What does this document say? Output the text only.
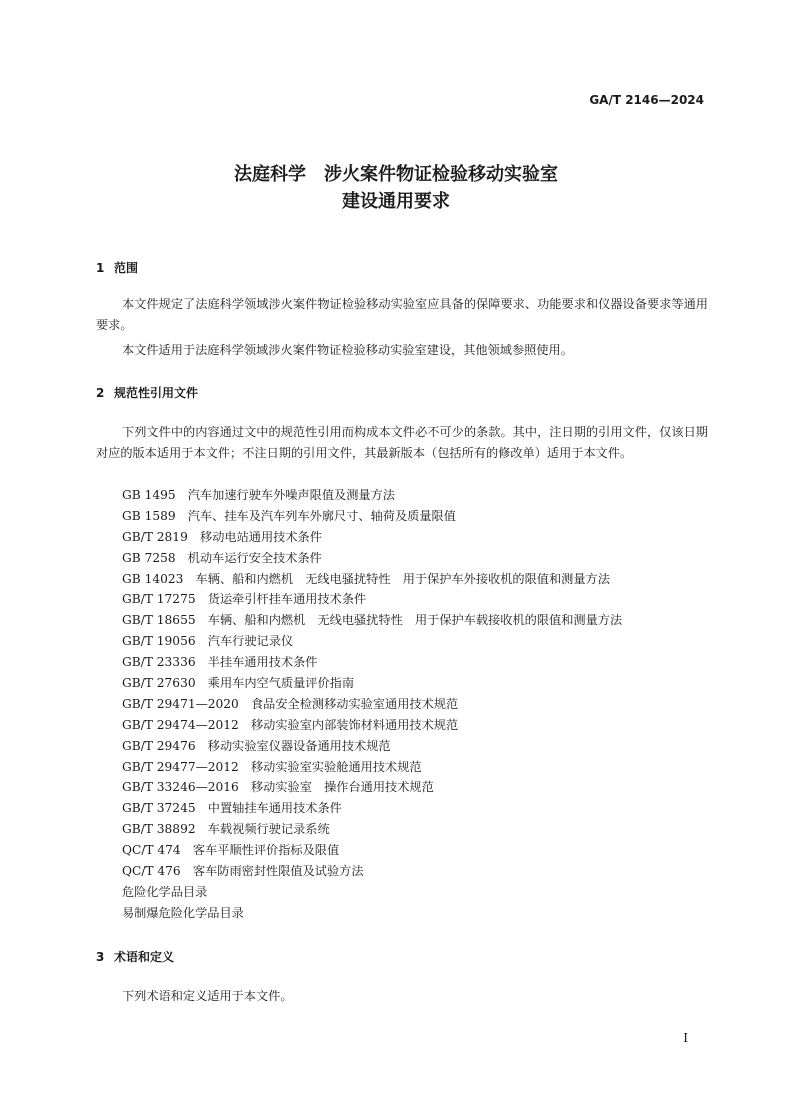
GA/T 2146—2024
法庭科学　涉火案件物证检验移动实验室
建设通用要求
1 范围

本文件规定了法庭科学领域涉火案件物证检验移动实验室应具备的保障要求、功能要求和仪器设备要求等通用要求。

本文件适用于法庭科学领域涉火案件物证检验移动实验室建设，其他领域参照使用。

2 规范性引用文件

下列文件中的内容通过文中的规范性引用而构成本文件必不可少的条款。其中，注日期的引用文件，仅该日期对应的版本适用于本文件；不注日期的引用文件，其最新版本（包括所有的修改单）适用于本文件。

GB 1495　汽车加速行驶车外噪声限值及测量方法
GB 1589　汽车、挂车及汽车列车外廓尺寸、轴荷及质量限值
GB/T 2819　移动电站通用技术条件
GB 7258　机动车运行安全技术条件
GB 14023　车辆、船和内燃机　无线电骚扰特性　用于保护车外接收机的限值和测量方法
GB/T 17275　货运牵引杆挂车通用技术条件
GB/T 18655　车辆、船和内燃机　无线电骚扰特性　用于保护车载接收机的限值和测量方法
GB/T 19056　汽车行驶记录仪
GB/T 23336　半挂车通用技术条件
GB/T 27630　乘用车内空气质量评价指南
GB/T 29471—2020　食品安全检测移动实验室通用技术规范
GB/T 29474—2012　移动实验室内部装饰材料通用技术规范
GB/T 29476　移动实验室仪器设备通用技术规范
GB/T 29477—2012　移动实验室实验舱通用技术规范
GB/T 33246—2016　移动实验室　操作台通用技术规范
GB/T 37245　中置轴挂车通用技术条件
GB/T 38892　车载视频行驶记录系统
QC/T 474　客车平顺性评价指标及限值
QC/T 476　客车防雨密封性限值及试验方法
危险化学品目录
易制爆危险化学品目录
3 术语和定义

下列术语和定义适用于本文件。

I
